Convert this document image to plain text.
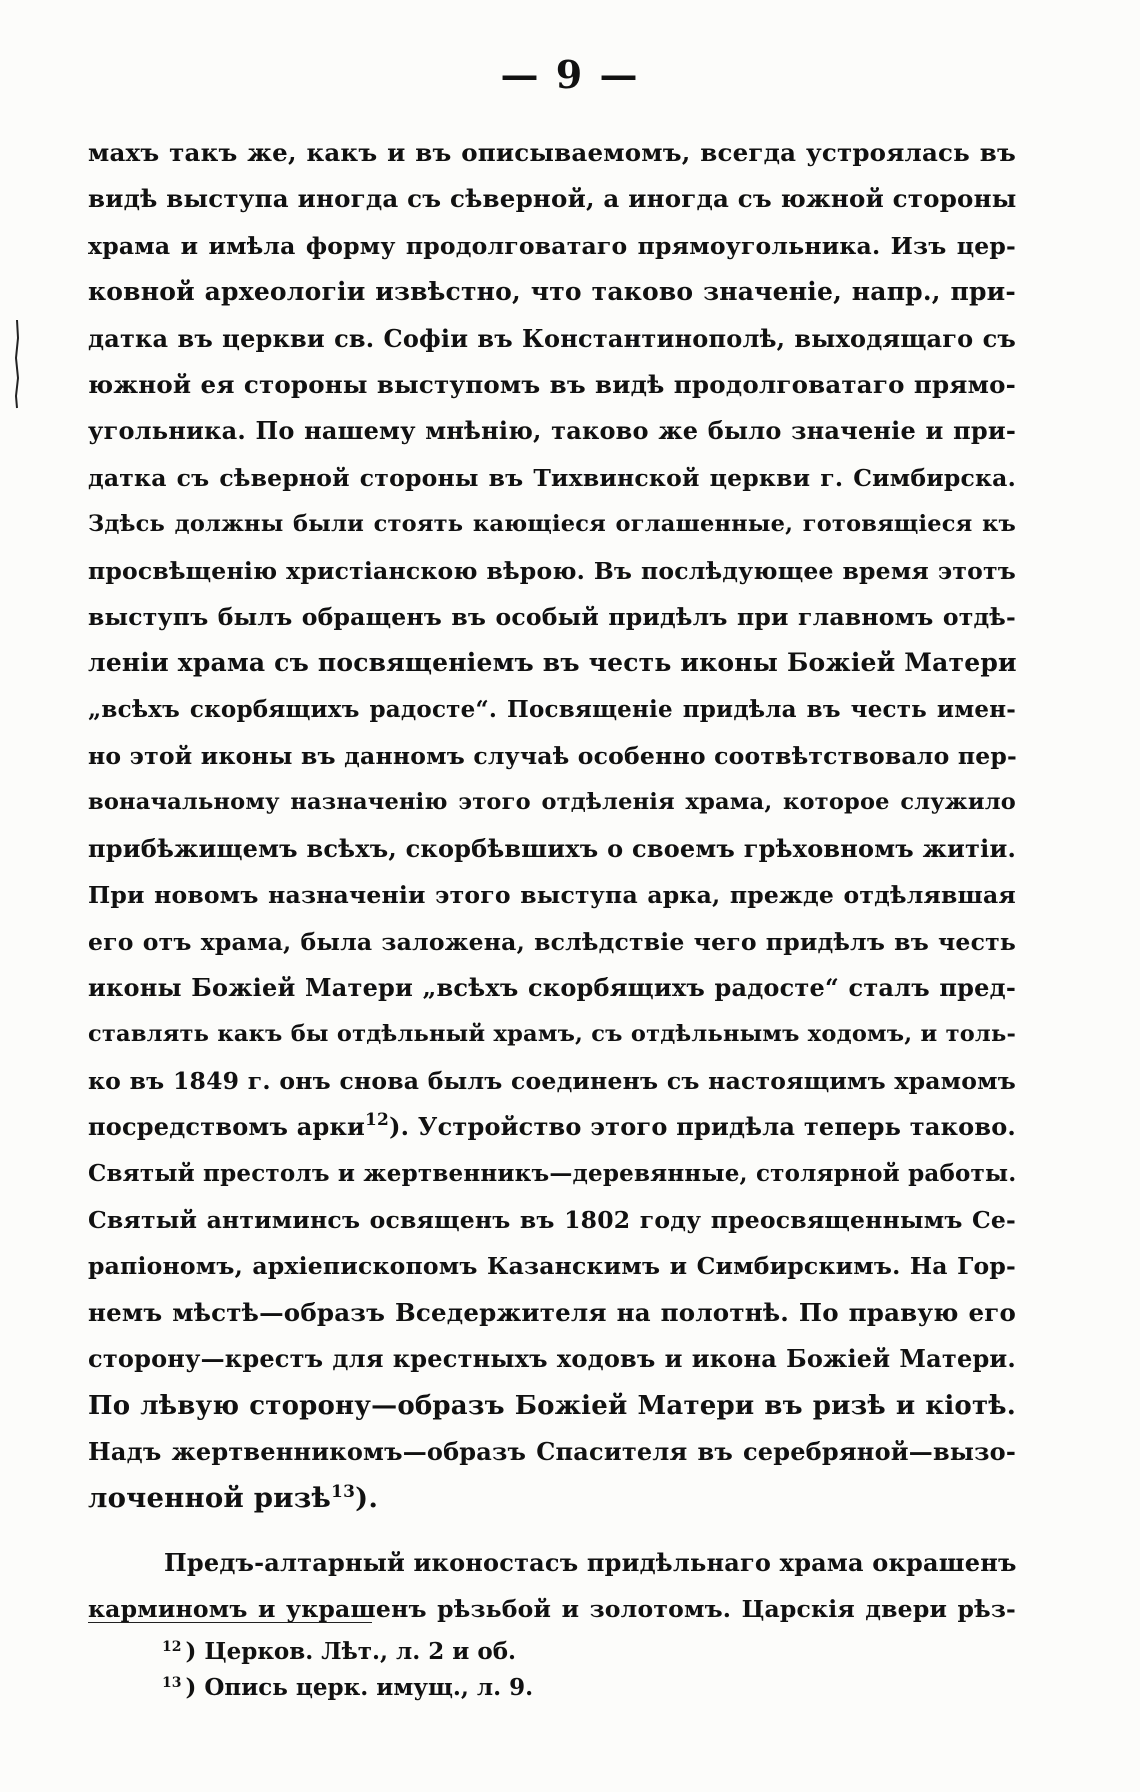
— 9 —
махъ такъ же, какъ и въ описываемомъ, всегда устроялась въ
видѣ выступа иногда съ сѣверной, а иногда съ южной стороны
храма и имѣла форму продолговатаго прямоугольника. Изъ цер-
ковной археологіи извѣстно, что таково значеніе, напр., при-
датка въ церкви св. Софіи въ Константинополѣ, выходящаго съ
южной ея стороны выступомъ въ видѣ продолговатаго прямо-
угольника. По нашему мнѣнію, таково же было значеніе и при-
датка съ сѣверной стороны въ Тихвинской церкви г. Симбирска.
Здѣсь должны были стоять кающіеся оглашенные, готовящіеся къ
просвѣщенію христіанскою вѣрою. Въ послѣдующее время этотъ
выступъ былъ обращенъ въ особый придѣлъ при главномъ отдѣ-
леніи храма съ посвященіемъ въ честь иконы Божіей Матери
„всѣхъ скорбящихъ радосте“. Посвященіе придѣла въ честь имен-
но этой иконы въ данномъ случаѣ особенно соотвѣтствовало пер-
воначальному назначенію этого отдѣленія храма, которое служило
прибѣжищемъ всѣхъ, скорбѣвшихъ о своемъ грѣховномъ житіи.
При новомъ назначеніи этого выступа арка, прежде отдѣлявшая
его отъ храма, была заложена, вслѣдствіе чего придѣлъ въ честь
иконы Божіей Матери „всѣхъ скорбящихъ радосте“ сталъ пред-
ставлять какъ бы отдѣльный храмъ, съ отдѣльнымъ ходомъ, и толь-
ко въ 1849 г. онъ снова былъ соединенъ съ настоящимъ храмомъ
посредствомъ арки$^{12}$). Устройство этого придѣла теперь таково.
Святый престолъ и жертвенникъ—деревянные, столярной работы.
Святый антиминсъ освященъ въ 1802 году преосвященнымъ Се-
рапіономъ, архіепископомъ Казанскимъ и Симбирскимъ. На Гор-
немъ мѣстѣ—образъ Вседержителя на полотнѣ. По правую его
сторону—крестъ для крестныхъ ходовъ и икона Божіей Матери.
По лѣвую сторону—образъ Божіей Матери въ ризѣ и кіотѣ.
Надъ жертвенникомъ—образъ Спасителя въ серебряной—вызо-
лоченной ризѣ$^{13}$).
Предъ-алтарный иконостасъ придѣльнаго храма окрашенъ
карминомъ и украшенъ рѣзьбой и золотомъ. Царскія двери рѣз-
$^{12}$ ) Церков. Лѣт., л. 2 и об.
$^{13}$ ) Опись церк. имущ., л. 9.
